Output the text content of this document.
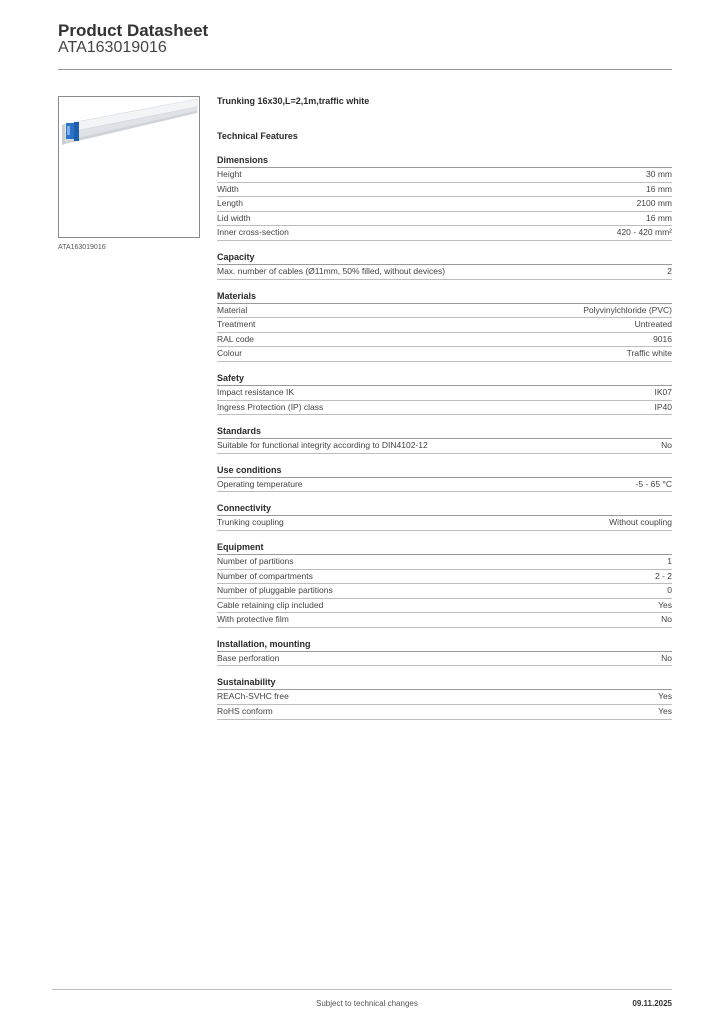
Product Datasheet
ATA163019016
ATA163019016
Trunking 16x30,L=2,1m,traffic white
Technical Features
Dimensions
Height	30 mm
Width	16 mm
Length	2100 mm
Lid width	16 mm
Inner cross-section	420 - 420 mm²
Capacity
Max. number of cables (Ø11mm, 50% filled, without devices)	2
Materials
Material	Polyvinylchloride (PVC)
Treatment	Untreated
RAL code	9016
Colour	Traffic white
Safety
Impact resistance IK	IK07
Ingress Protection (IP) class	IP40
Standards
Suitable for functional integrity according to DIN4102-12	No
Use conditions
Operating temperature	-5 - 65 °C
Connectivity
Trunking coupling	Without coupling
Equipment
Number of partitions	1
Number of compartments	2 - 2
Number of pluggable partitions	0
Cable retaining clip included	Yes
With protective film	No
Installation, mounting
Base perforation	No
Sustainability
REACh-SVHC free	Yes
RoHS conform	Yes
Subject to technical changes	09.11.2025
